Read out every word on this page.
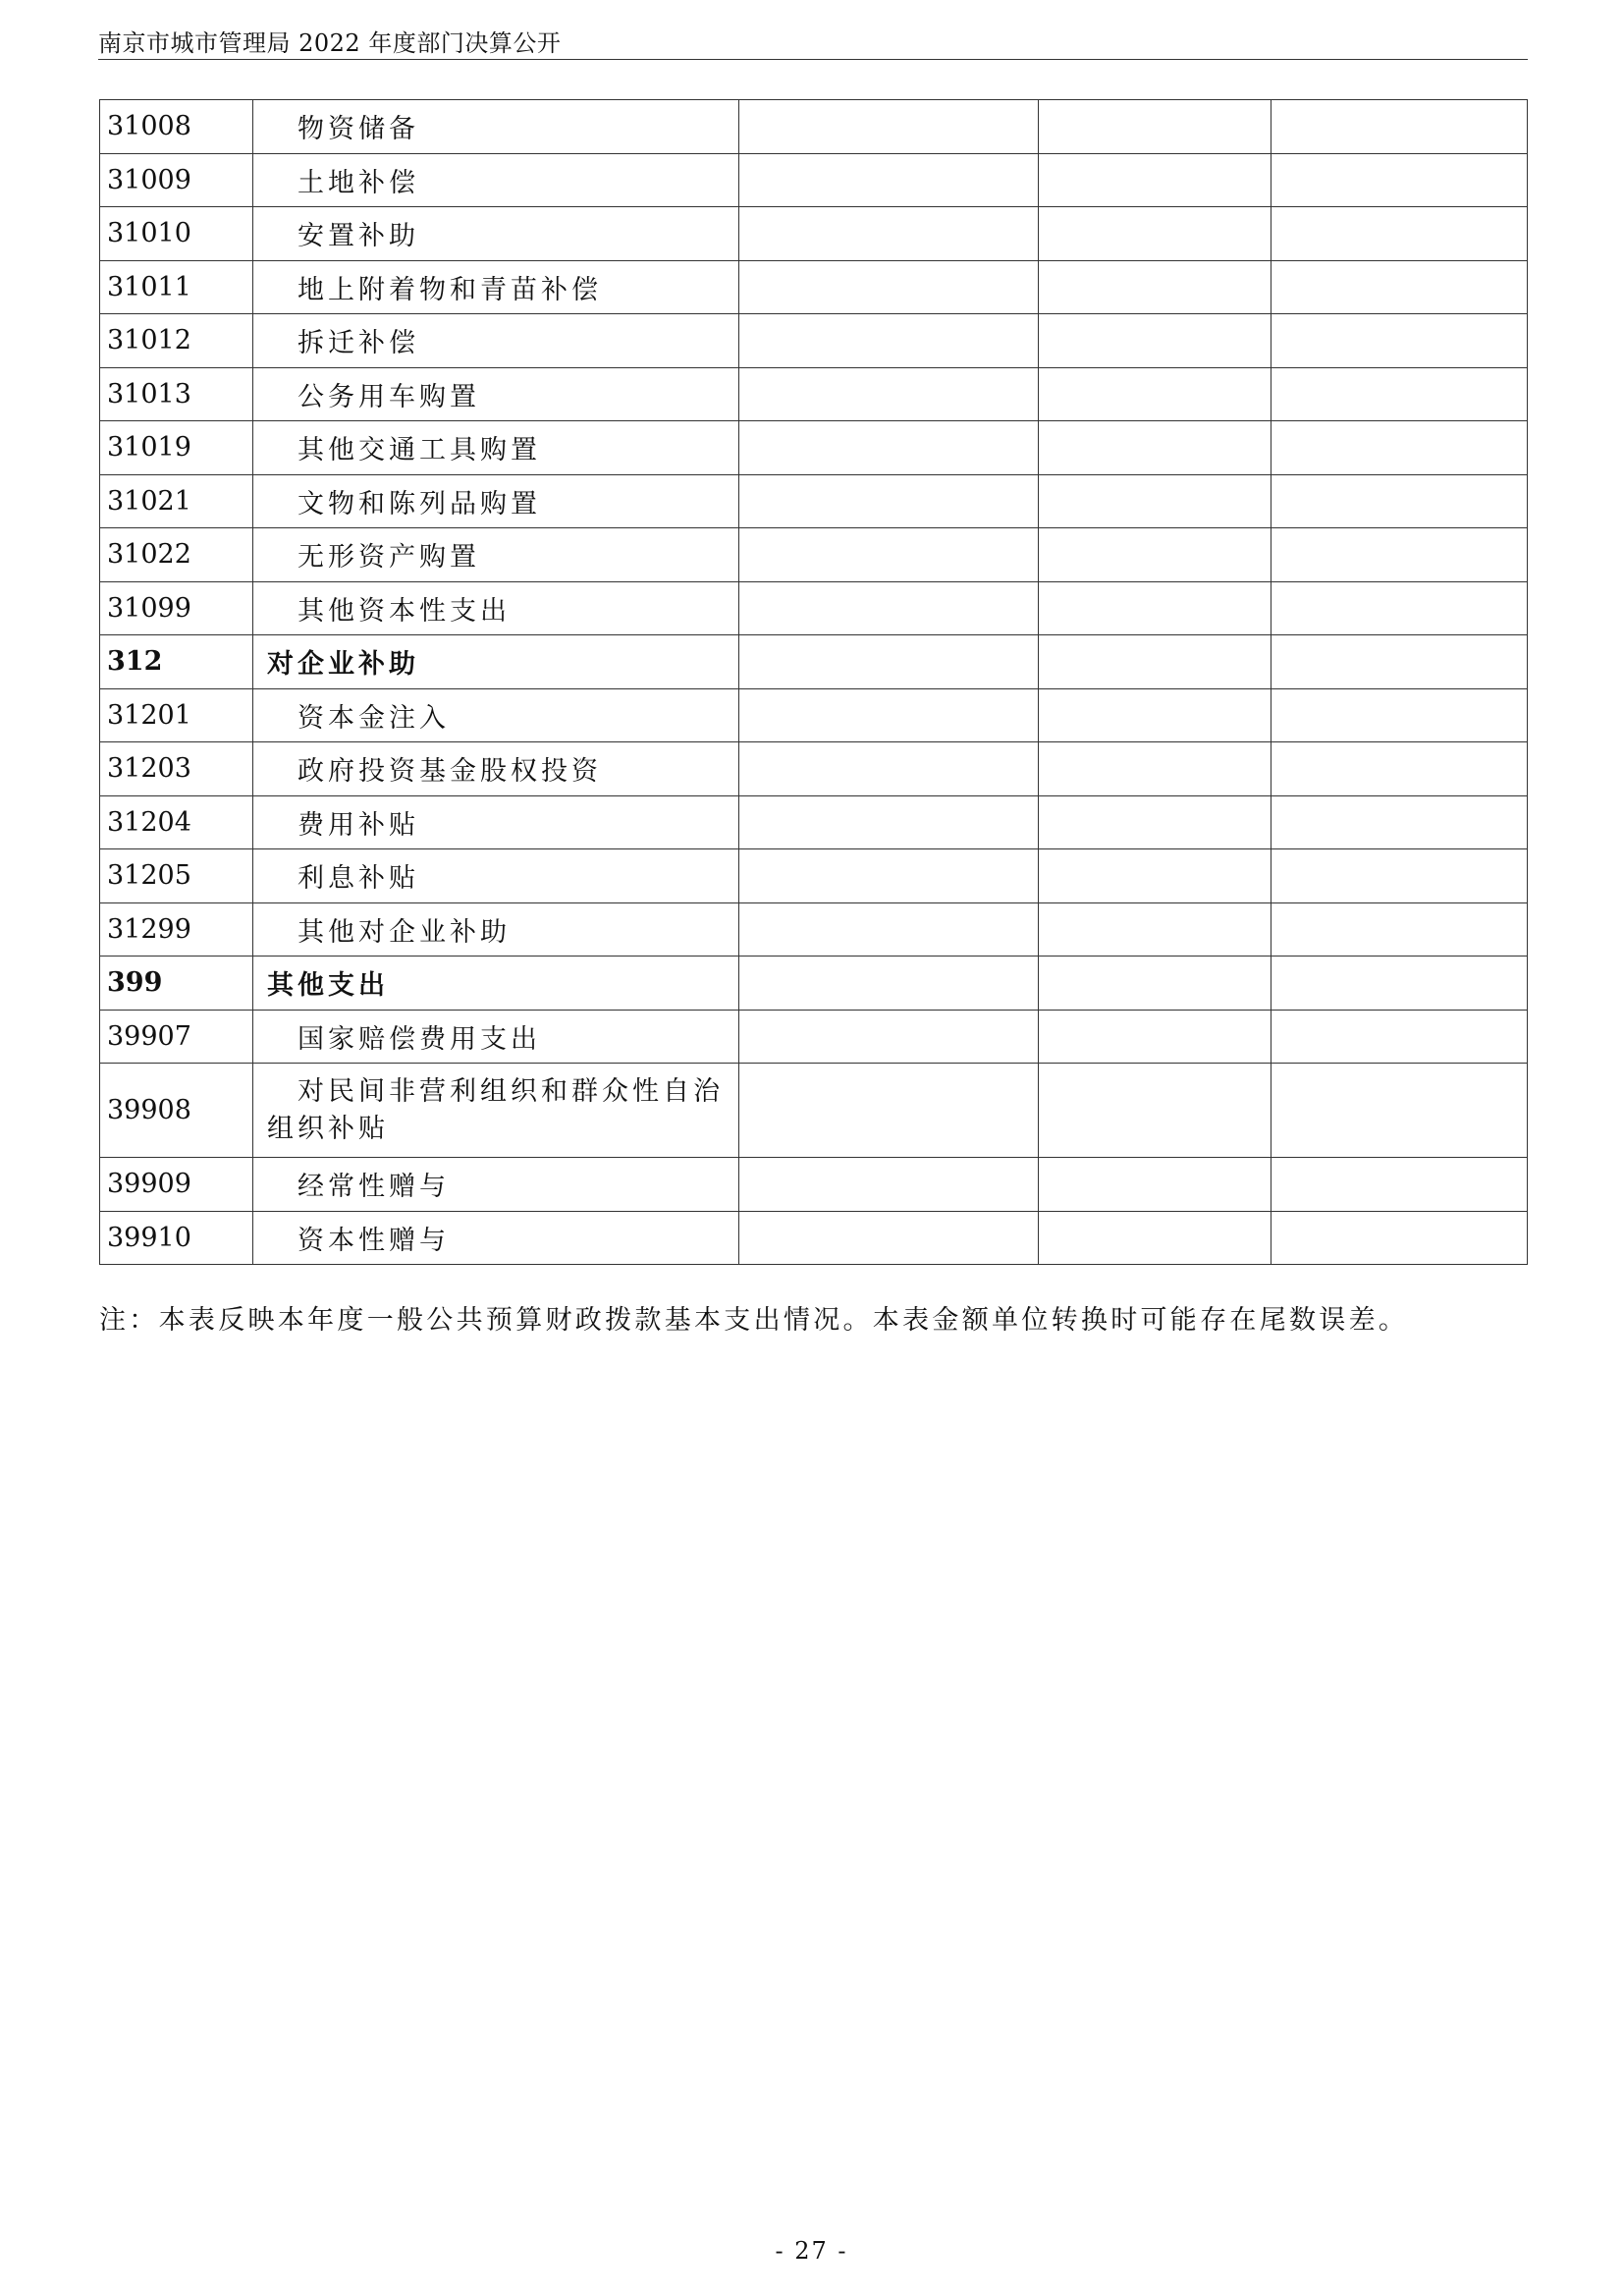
南京市城市管理局 2022 年度部门决算公开
31008	物资储备			
31009	土地补偿			
31010	安置补助			
31011	地上附着物和青苗补偿			
31012	拆迁补偿			
31013	公务用车购置			
31019	其他交通工具购置			
31021	文物和陈列品购置			
31022	无形资产购置			
31099	其他资本性支出			
312	对企业补助			
31201	资本金注入			
31203	政府投资基金股权投资			
31204	费用补贴			
31205	利息补贴			
31299	其他对企业补助			
399	其他支出			
39907	国家赔偿费用支出			
39908	对民间非营利组织和群众性自治组织补贴			
39909	经常性赠与			
39910	资本性赠与			
注：本表反映本年度一般公共预算财政拨款基本支出情况。本表金额单位转换时可能存在尾数误差。
- 27 -
